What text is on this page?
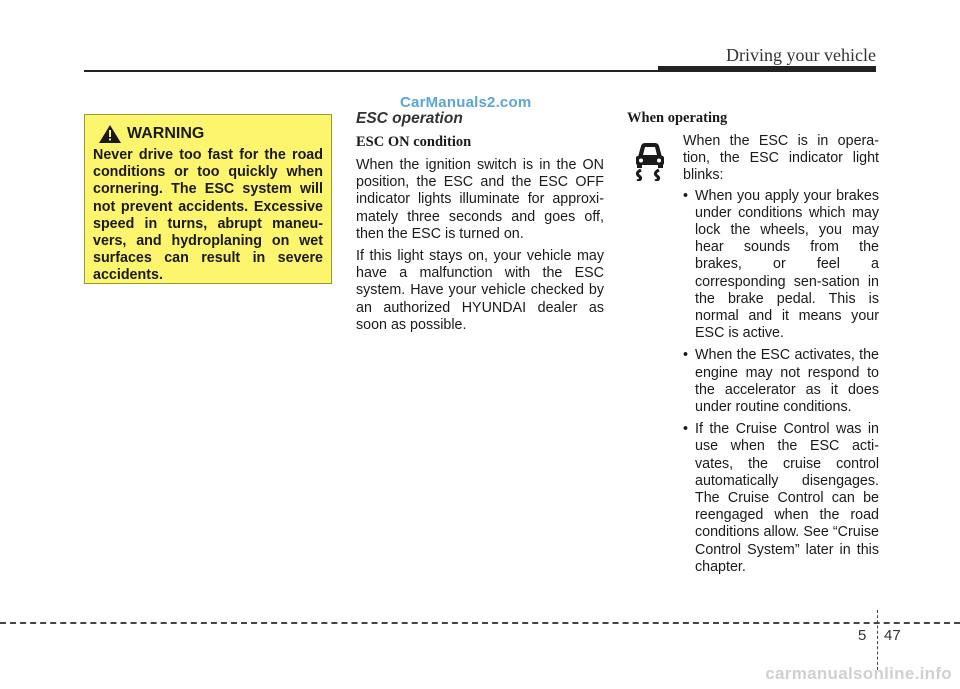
Driving your vehicle
CarManuals2.com
WARNING
Never drive too fast for the road conditions or too quickly when cornering. The ESC system will not prevent accidents. Excessive speed in turns, abrupt maneu-vers, and hydroplaning on wet surfaces can result in severe accidents.
ESC operation
ESC ON condition

When the ignition switch is in the ON position, the ESC and the ESC OFF indicator lights illuminate for approxi-mately three seconds and goes off, then the ESC is turned on.

If this light stays on, your vehicle may have a malfunction with the ESC system. Have your vehicle checked by an authorized HYUNDAI dealer as soon as possible.

When operating
When the ESC is in opera-tion, the ESC indicator light blinks:
• When you apply your brakes under conditions which may lock the wheels, you may hear sounds from the brakes, or feel a corresponding sen-sation in the brake pedal. This is normal and it means your ESC is active.
• When the ESC activates, the engine may not respond to the accelerator as it does under routine conditions.
• If the Cruise Control was in use when the ESC acti-vates, the cruise control automatically disengages. The Cruise Control can be reengaged when the road conditions allow. See “Cruise Control System” later in this chapter.
5 47
carmanualsonline.info
